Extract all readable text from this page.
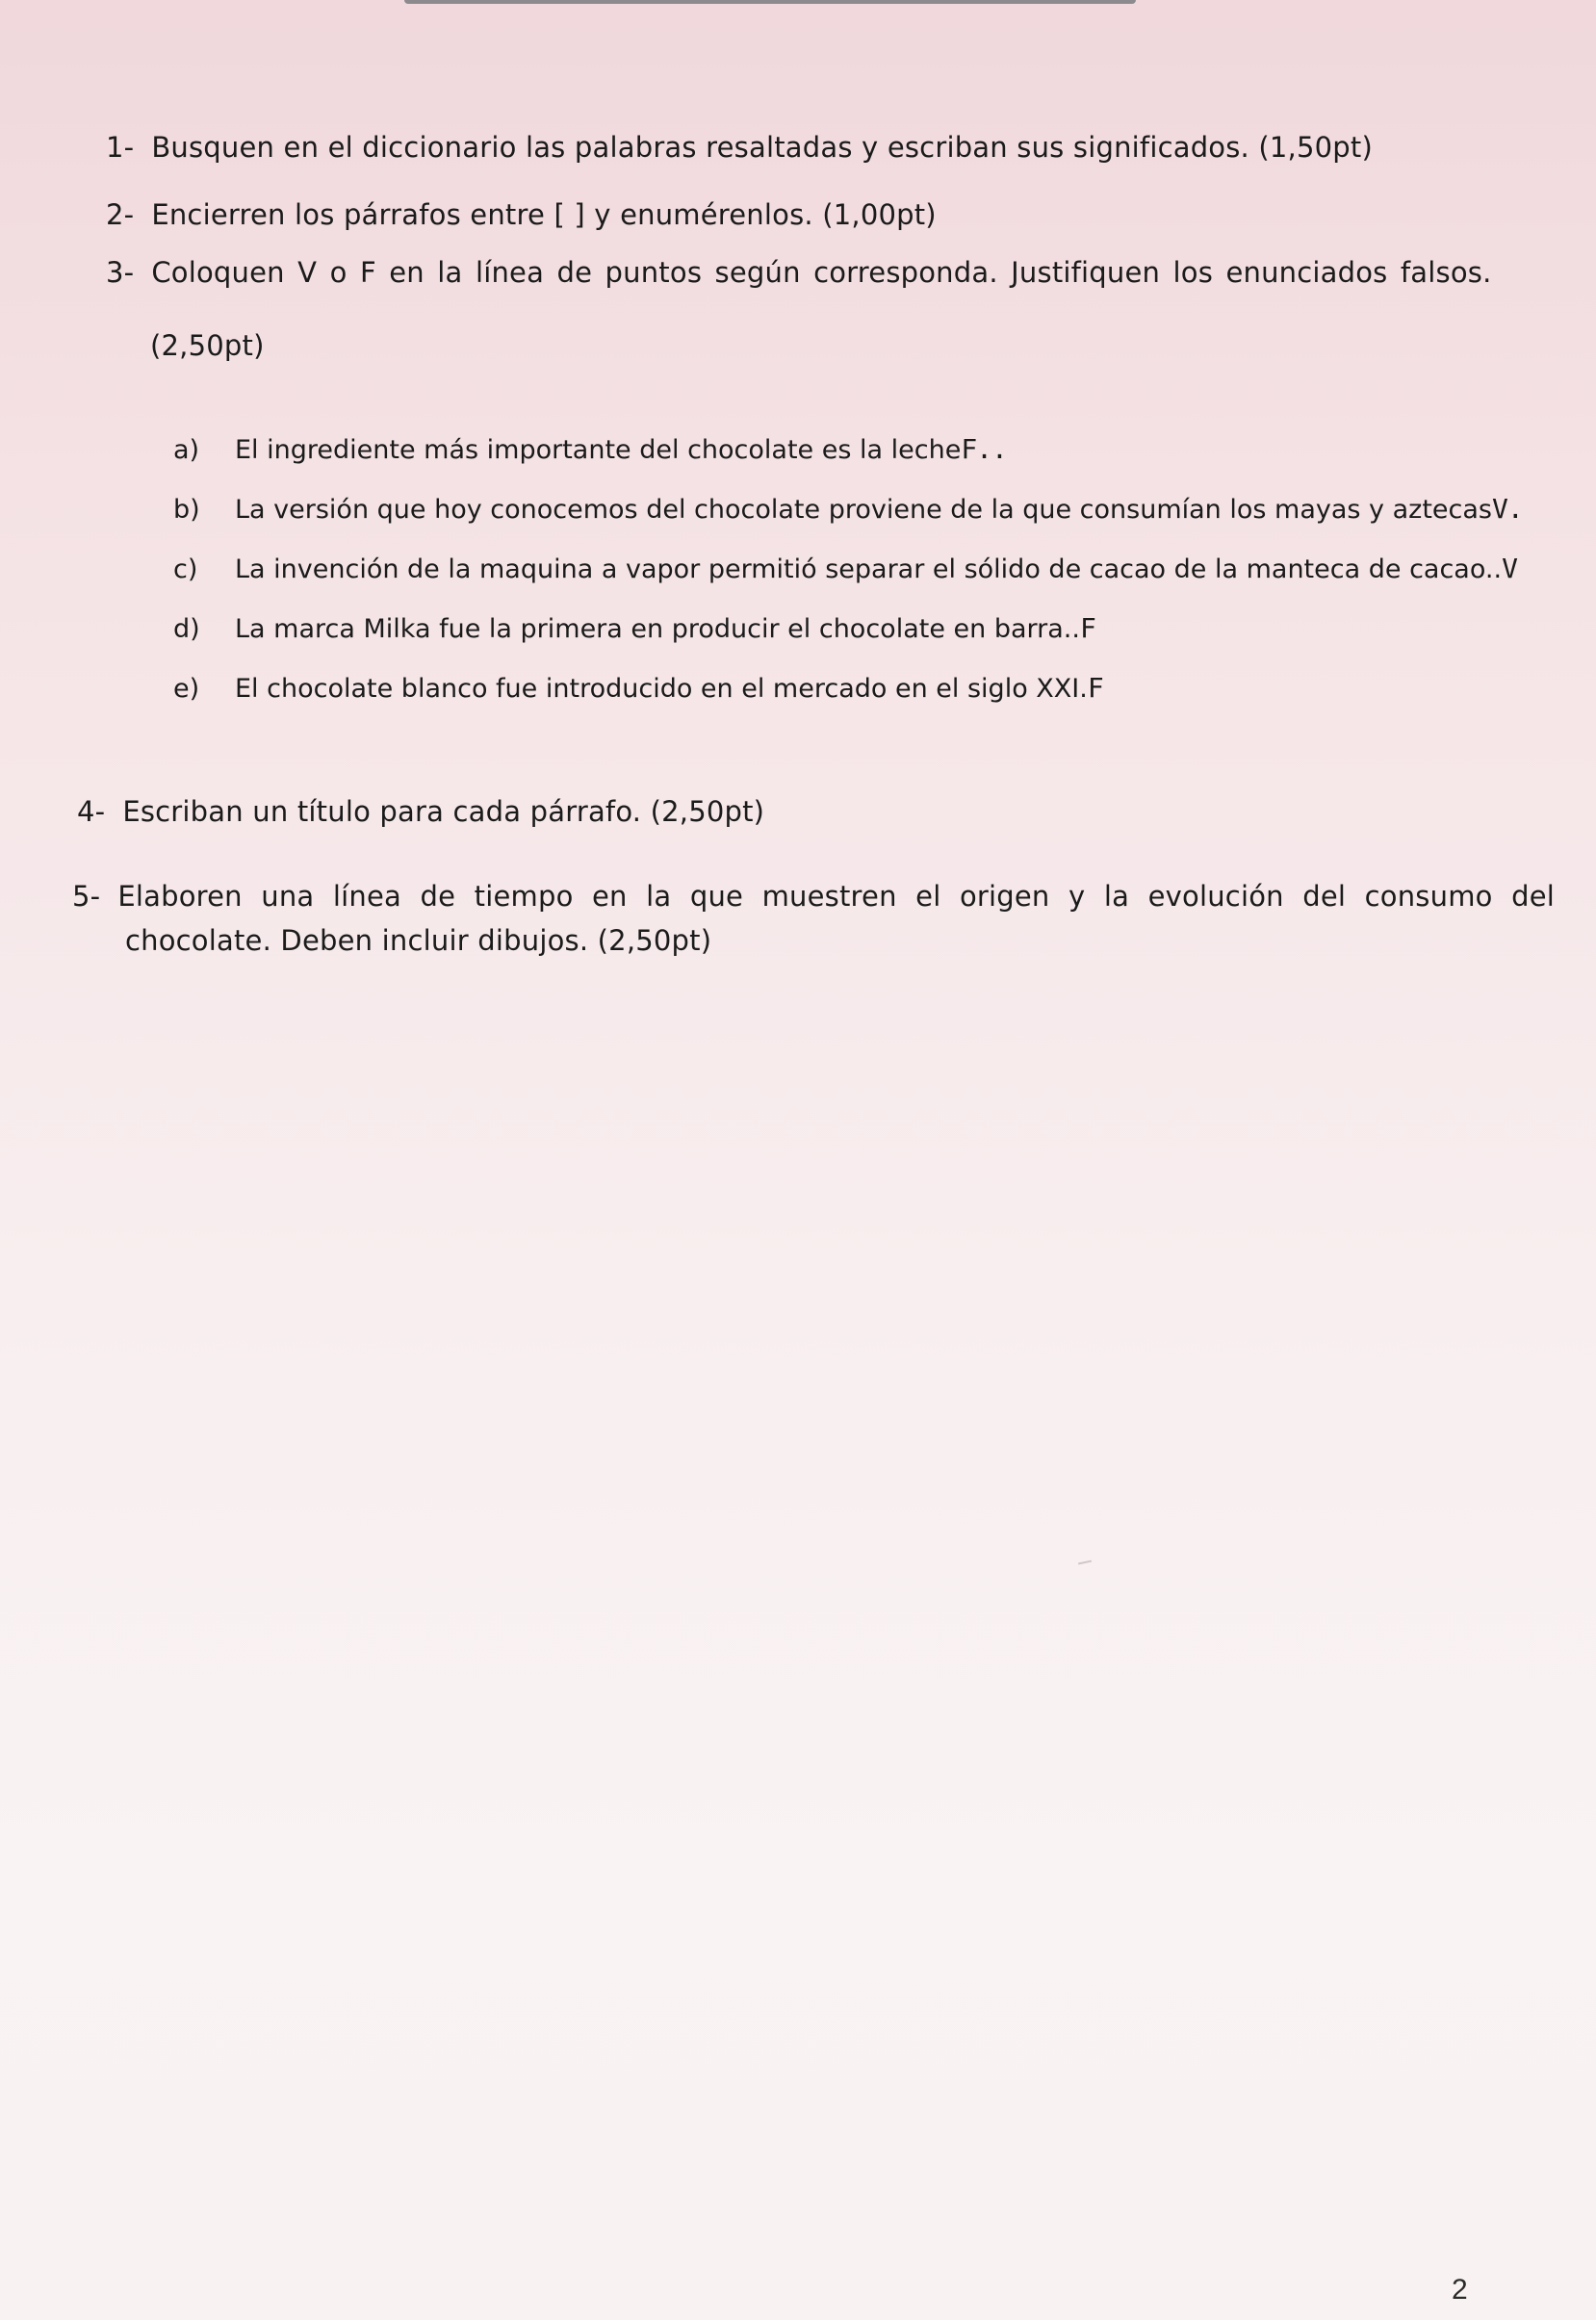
1- Busquen en el diccionario las palabras resaltadas y escriban sus significados. (1,50pt)
2- Encierren los párrafos entre [ ] y enumérenlos. (1,00pt)
3- Coloquen V o F en la línea de puntos según corresponda. Justifiquen los enunciados falsos.
(2,50pt)
a) El ingrediente más importante del chocolate es la lecheF..
b) La versión que hoy conocemos del chocolate proviene de la que consumían los mayas y aztecasV.
c) La invención de la maquina a vapor permitió separar el sólido de cacao de la manteca de cacao..V
d) La marca Milka fue la primera en producir el chocolate en barra..F
e) El chocolate blanco fue introducido en el mercado en el siglo XXI.F
4- Escriban un título para cada párrafo. (2,50pt)
5- Elaboren una línea de tiempo en la que muestren el origen y la evolución del consumo del
chocolate. Deben incluir dibujos. (2,50pt)
2
